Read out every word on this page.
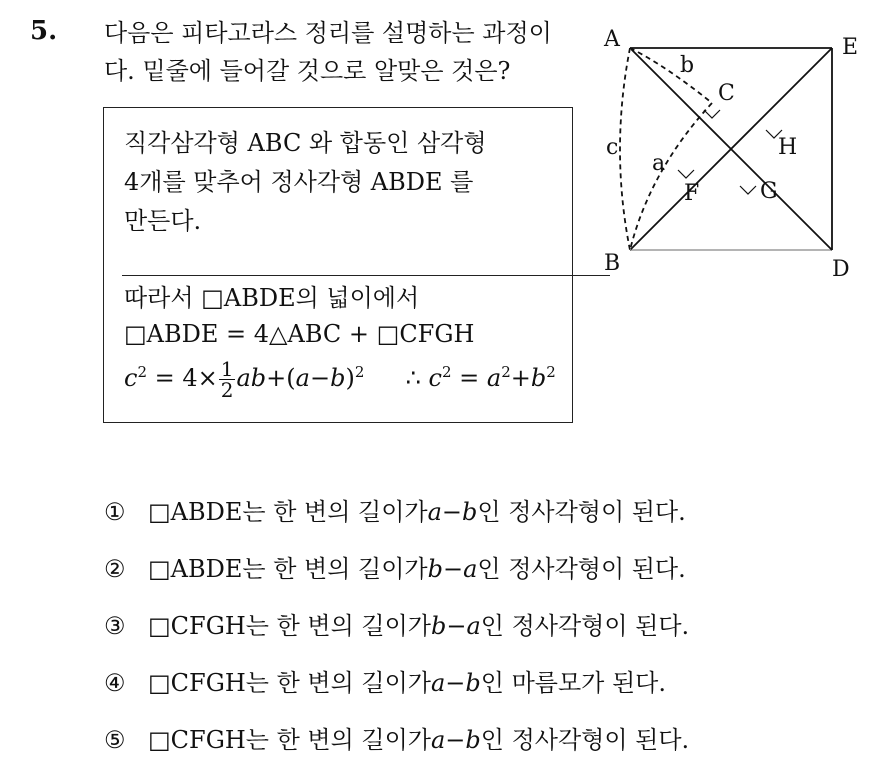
5. 다음은 피타고라스 정리를 설명하는 과정이
다. 밑줄에 들어갈 것으로 알맞은 것은?
직각삼각형 ABC 와 합동인 삼각형
4개를 맞추어 정사각형 ABDE 를
만든다.
따라서 □ABDE의 넓이에서
□ABDE = 4△ABC + □CFGH
$c^2 = 4\times \frac{1}{2} ab+(a-b)^2$ ∴ $c^2 = a^2+b^2$
A	E
B	D
C
H
F	G
c
a
b
① □ABDE 는 한 변의 길이가 a − b 인 정사각형이 된다.
② □ABDE 는 한 변의 길이가 b − a 인 정사각형이 된다.
③ □CFGH 는 한 변의 길이가 b − a 인 정사각형이 된다.
④ □CFGH 는 한 변의 길이가 a − b 인 마름모가 된다.
⑤ □CFGH 는 한 변의 길이가 a − b 인 정사각형이 된다.
